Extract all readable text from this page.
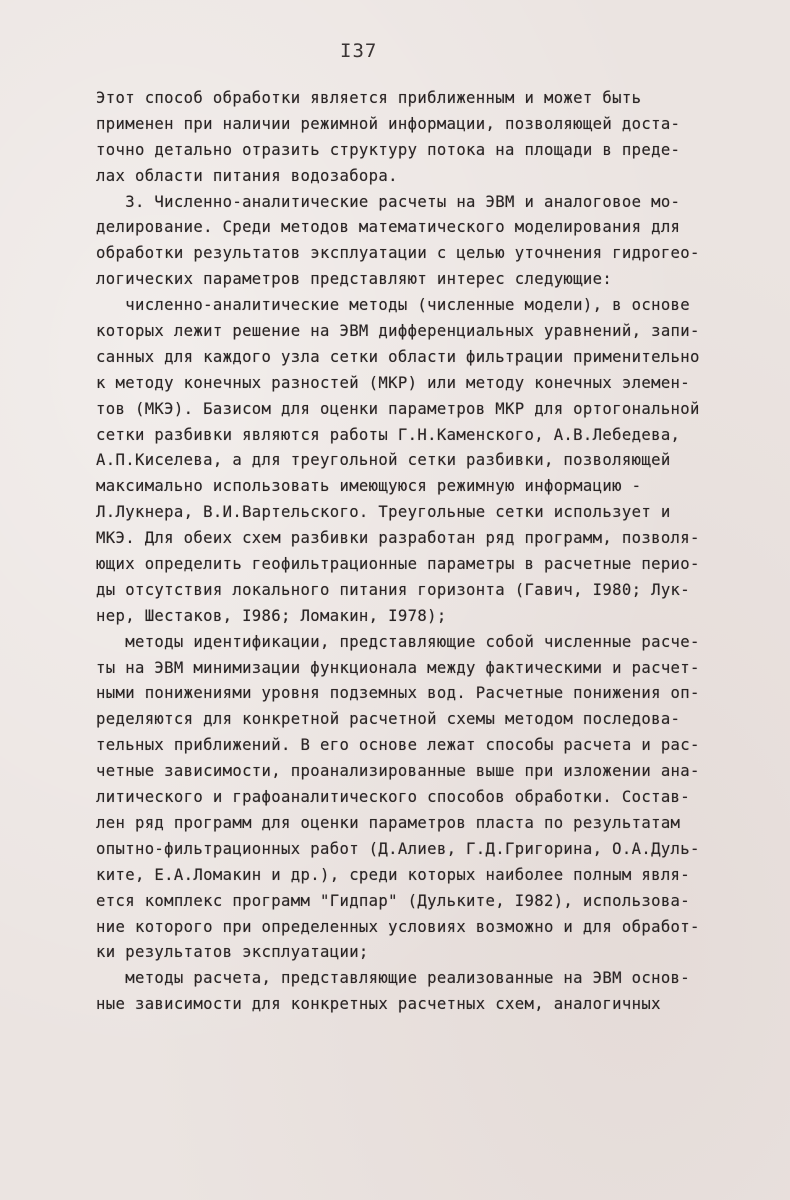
I37
Этот способ обработки является приближенным и может быть
применен при наличии режимной информации, позволяющей доста-
точно детально отразить структуру потока на площади в преде-
лах области питания водозабора.
3. Численно-аналитические расчеты на ЭВМ и аналоговое мо-
делирование. Среди методов математического моделирования для
обработки результатов эксплуатации с целью уточнения гидрогео-
логических параметров представляют интерес следующие:
численно-аналитические методы (численные модели), в основе
которых лежит решение на ЭВМ дифференциальных уравнений, запи-
санных для каждого узла сетки области фильтрации применительно
к методу конечных разностей (МКР) или методу конечных элемен-
тов (МКЭ). Базисом для оценки параметров МКР для ортогональной
сетки разбивки являются работы Г.Н.Каменского, А.В.Лебедева,
А.П.Киселева, а для треугольной сетки разбивки, позволяющей
максимально использовать имеющуюся режимную информацию -
Л.Лукнера, В.И.Вартельского. Треугольные сетки использует и
МКЭ. Для обеих схем разбивки разработан ряд программ, позволя-
ющих определить геофильтрационные параметры в расчетные перио-
ды отсутствия локального питания горизонта (Гавич, I980; Лук-
нер, Шестаков, I986; Ломакин, I978);
методы идентификации, представляющие собой численные расче-
ты на ЭВМ минимизации функционала между фактическими и расчет-
ными понижениями уровня подземных вод. Расчетные понижения оп-
ределяются для конкретной расчетной схемы методом последова-
тельных приближений. В его основе лежат способы расчета и рас-
четные зависимости, проанализированные выше при изложении ана-
литического и графоаналитического способов обработки. Состав-
лен ряд программ для оценки параметров пласта по результатам
опытно-фильтрационных работ (Д.Алиев, Г.Д.Григорина, О.А.Дуль-
ките, Е.А.Ломакин и др.), среди которых наиболее полным явля-
ется комплекс программ "Гидпар" (Дульките, I982), использова-
ние которого при определенных условиях возможно и для обработ-
ки результатов эксплуатации;
методы расчета, представляющие реализованные на ЭВМ основ-
ные зависимости для конкретных расчетных схем, аналогичных
